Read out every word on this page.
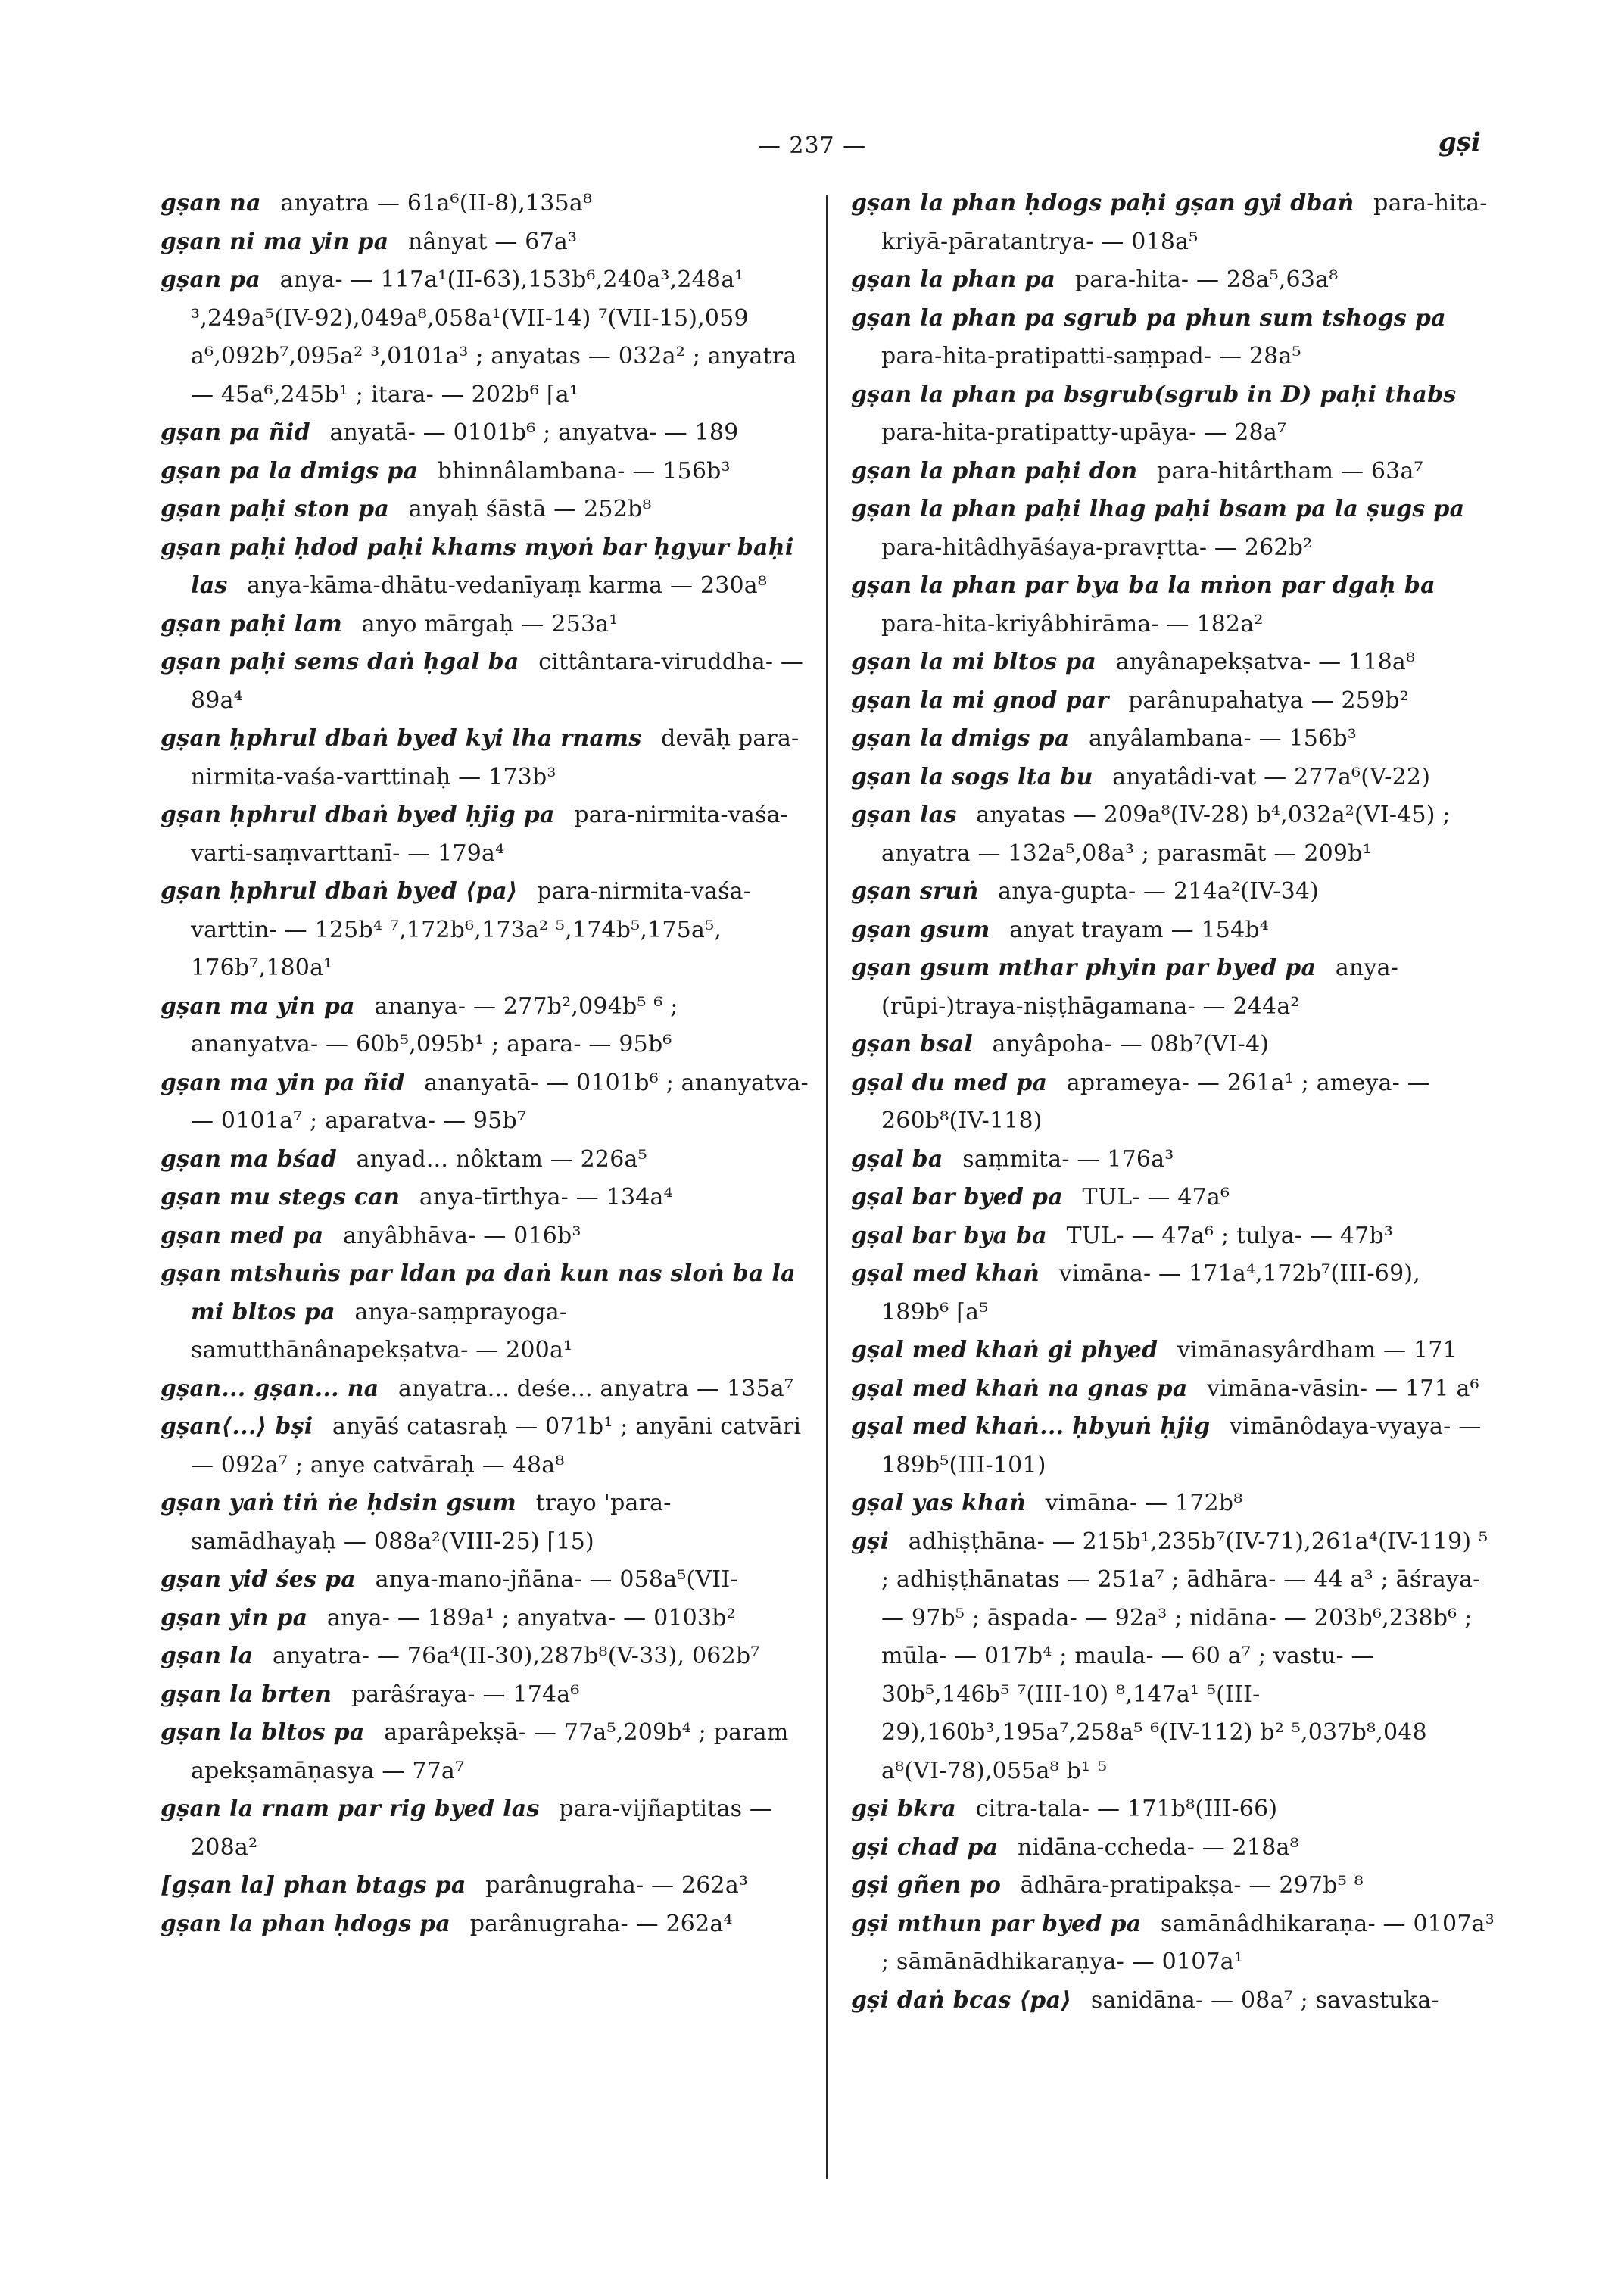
— 237 —	gṣi

gṣan na anyatra — 61a⁶(II-8),135a⁸

gṣan ni ma yin pa nânyat — 67a³

gṣan pa anya- — 117a¹(II-63),153b⁶,240a³,248a¹ ³,249a⁵(IV-92),049a⁸,058a¹(VII-14) ⁷(VII-15),059 a⁶,092b⁷,095a² ³,0101a³ ; anyatas — 032a² ; anyatra — 45a⁶,245b¹ ; itara- — 202b⁶ ⌈a¹

gṣan pa ñid anyatā- — 0101b⁶ ; anyatva- — 189

gṣan pa la dmigs pa bhinnâlambana- — 156b³

gṣan paḥi ston pa anyaḥ śāstā — 252b⁸

gṣan paḥi ḥdod paḥi khams myoṅ bar ḥgyur baḥi las anya-kāma-dhātu-vedanīyaṃ karma — 230a⁸

gṣan paḥi lam anyo mārgaḥ — 253a¹

gṣan paḥi sems daṅ ḥgal ba cittântara-viruddha- — 89a⁴

gṣan ḥphrul dbaṅ byed kyi lha rnams devāḥ para-nirmita-vaśa-varttinaḥ — 173b³

gṣan ḥphrul dbaṅ byed ḥjig pa para-nirmita-vaśa-varti-saṃvarttanī- — 179a⁴

gṣan ḥphrul dbaṅ byed ⟨pa⟩ para-nirmita-vaśa-varttin- — 125b⁴ ⁷,172b⁶,173a² ⁵,174b⁵,175a⁵, 176b⁷,180a¹

gṣan ma yin pa ananya- — 277b²,094b⁵ ⁶ ; ananyatva- — 60b⁵,095b¹ ; apara- — 95b⁶

gṣan ma yin pa ñid ananyatā- — 0101b⁶ ; ananyatva- — 0101a⁷ ; aparatva- — 95b⁷

gṣan ma bśad anyad... nôktam — 226a⁵

gṣan mu stegs can anya-tīrthya- — 134a⁴

gṣan med pa anyâbhāva- — 016b³

gṣan mtshuṅs par ldan pa daṅ kun nas sloṅ ba la mi bltos pa anya-saṃprayoga-samutthānânapekṣatva- — 200a¹

gṣan... gṣan... na anyatra... deśe... anyatra — 135a⁷

gṣan⟨...⟩ bṣi anyāś catasraḥ — 071b¹ ; anyāni catvāri — 092a⁷ ; anye catvāraḥ — 48a⁸

gṣan yaṅ tiṅ ṅe ḥdsin gsum trayo 'para-samādhayaḥ — 088a²(VIII-25) ⌈15)

gṣan yid śes pa anya-mano-jñāna- — 058a⁵(VII-

gṣan yin pa anya- — 189a¹ ; anyatva- — 0103b²

gṣan la anyatra- — 76a⁴(II-30),287b⁸(V-33), 062b⁷

gṣan la brten parâśraya- — 174a⁶

gṣan la bltos pa aparâpekṣā- — 77a⁵,209b⁴ ; param apekṣamāṇasya — 77a⁷

gṣan la rnam par rig byed las para-vijñaptitas — 208a²

[gṣan la] phan btags pa parânugraha- — 262a³

gṣan la phan ḥdogs pa parânugraha- — 262a⁴

gṣan la phan ḥdogs paḥi gṣan gyi dbaṅ para-hita-kriyā-pāratantrya- — 018a⁵

gṣan la phan pa para-hita- — 28a⁵,63a⁸

gṣan la phan pa sgrub pa phun sum tshogs pa para-hita-pratipatti-saṃpad- — 28a⁵

gṣan la phan pa bsgrub(sgrub in D) paḥi thabs para-hita-pratipatty-upāya- — 28a⁷

gṣan la phan paḥi don para-hitârtham — 63a⁷

gṣan la phan paḥi lhag paḥi bsam pa la ṣugs pa para-hitâdhyāśaya-pravṛtta- — 262b²

gṣan la phan par bya ba la mṅon par dgaḥ ba para-hita-kriyâbhirāma- — 182a²

gṣan la mi bltos pa anyânapekṣatva- — 118a⁸

gṣan la mi gnod par parânupahatya — 259b²

gṣan la dmigs pa anyâlambana- — 156b³

gṣan la sogs lta bu anyatâdi-vat — 277a⁶(V-22)

gṣan las anyatas — 209a⁸(IV-28) b⁴,032a²(VI-45) ; anyatra — 132a⁵,08a³ ; parasmāt — 209b¹

gṣan sruṅ anya-gupta- — 214a²(IV-34)

gṣan gsum anyat trayam — 154b⁴

gṣan gsum mthar phyin par byed pa anya-(rūpi-)traya-niṣṭhāgamana- — 244a²

gṣan bsal anyâpoha- — 08b⁷(VI-4)

gṣal du med pa aprameya- — 261a¹ ; ameya- — 260b⁸(IV-118)

gṣal ba saṃmita- — 176a³

gṣal bar byed pa TUL- — 47a⁶

gṣal bar bya ba TUL- — 47a⁶ ; tulya- — 47b³

gṣal med khaṅ vimāna- — 171a⁴,172b⁷(III-69), 189b⁶ ⌈a⁵

gṣal med khaṅ gi phyed vimānasyârdham — 171

gṣal med khaṅ na gnas pa vimāna-vāsin- — 171 a⁶

gṣal med khaṅ... ḥbyuṅ ḥjig vimānôdaya-vyaya- — 189b⁵(III-101)

gṣal yas khaṅ vimāna- — 172b⁸

gṣi adhiṣṭhāna- — 215b¹,235b⁷(IV-71),261a⁴(IV-119) ⁵ ; adhiṣṭhānatas — 251a⁷ ; ādhāra- — 44 a³ ; āśraya- — 97b⁵ ; āspada- — 92a³ ; nidāna- — 203b⁶,238b⁶ ; mūla- — 017b⁴ ; maula- — 60 a⁷ ; vastu- — 30b⁵,146b⁵ ⁷(III-10) ⁸,147a¹ ⁵(III-29),160b³,195a⁷,258a⁵ ⁶(IV-112) b² ⁵,037b⁸,048 a⁸(VI-78),055a⁸ b¹ ⁵

gṣi bkra citra-tala- — 171b⁸(III-66)

gṣi chad pa nidāna-ccheda- — 218a⁸

gṣi gñen po ādhāra-pratipakṣa- — 297b⁵ ⁸

gṣi mthun par byed pa samānâdhikaraṇa- — 0107a³ ; sāmānādhikaraṇya- — 0107a¹

gṣi daṅ bcas ⟨pa⟩ sanidāna- — 08a⁷ ; savastuka-
